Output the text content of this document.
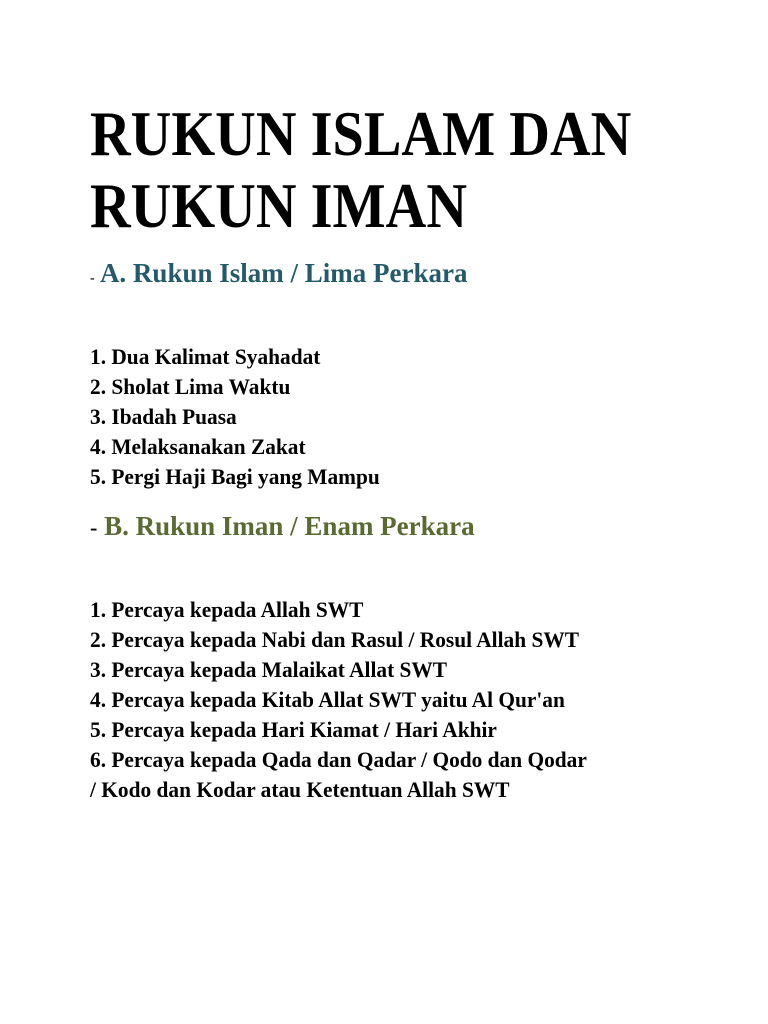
RUKUN ISLAM DAN
RUKUN IMAN
- A. Rukun Islam / Lima Perkara
1. Dua Kalimat Syahadat
2. Sholat Lima Waktu
3. Ibadah Puasa
4. Melaksanakan Zakat
5. Pergi Haji Bagi yang Mampu
- B. Rukun Iman / Enam Perkara
1. Percaya kepada Allah SWT
2. Percaya kepada Nabi dan Rasul / Rosul Allah SWT
3. Percaya kepada Malaikat Allat SWT
4. Percaya kepada Kitab Allat SWT yaitu Al Qur'an
5. Percaya kepada Hari Kiamat / Hari Akhir
6. Percaya kepada Qada dan Qadar / Qodo dan Qodar
/ Kodo dan Kodar atau Ketentuan Allah SWT
